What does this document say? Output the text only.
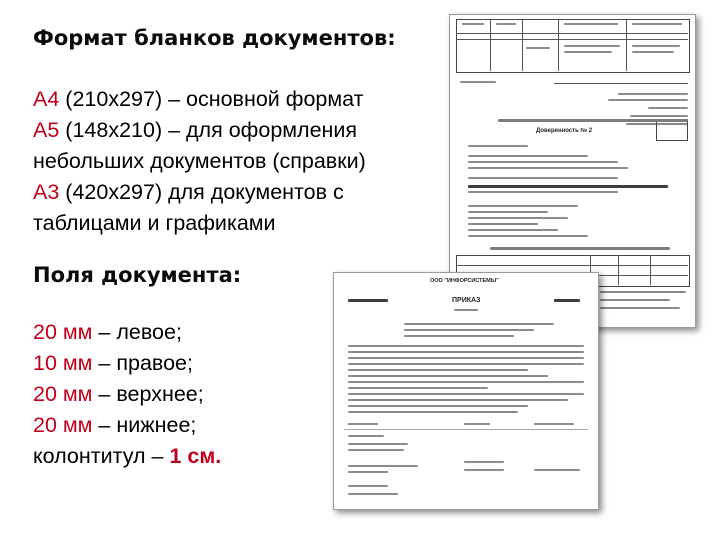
Формат бланков документов:
А4 (210х297) – основной формат
А5 (148х210) – для оформления
небольших документов (справки)
А3 (420х297) для документов с
таблицами и графиками
Поля документа:
20 мм – левое;
10 мм – правое;
20 мм – верхнее;
20 мм – нижнее;
колонтитул – 1 см.
Доверенность № 2
ООО "ИНФОРСИСТЕМЫ"
ПРИКАЗ
